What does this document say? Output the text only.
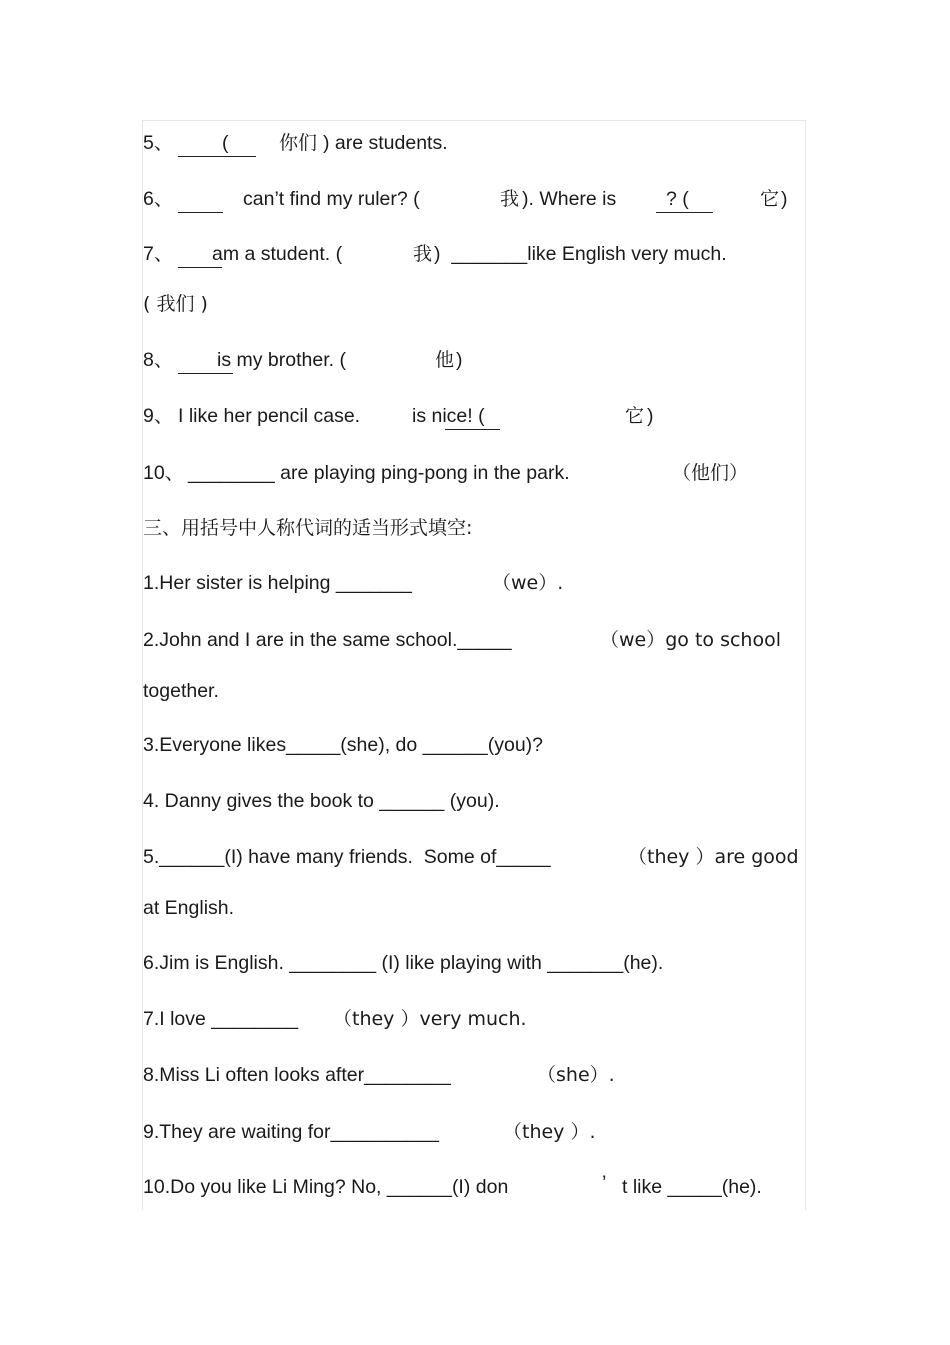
5、 (	你们 ) are students.
6、	can’t find my ruler? (	我 ). Where is	? (	它 )
7、 am a student. (	我 )  _______like English very much.
( 我们 )
8、 is my brother. (	他 )
9、 I like her pencil case.	is nice! (	它 )
10、 ________ are playing ping-pong in the park.	（他们）
三、用括号中人称代词的适当形式填空:
1.Her sister is helping _______	（we）.
2.John and I are in the same school._____	（we）go to school
together.
3.Everyone likes_____(she), do ______(you)?
4. Danny gives the book to ______ (you).
5.______(I) have many friends.  Some of_____	（they ）are good
at English.
6.Jim is English. ________ (I) like playing with _______(he).
7.I love ________ （they ）very much.
8.Miss Li often looks after________	（she）.
9.They are waiting for__________	（they ）.
10.Do you like Li Ming? No, ______(I) don	’ t like _____(he).
